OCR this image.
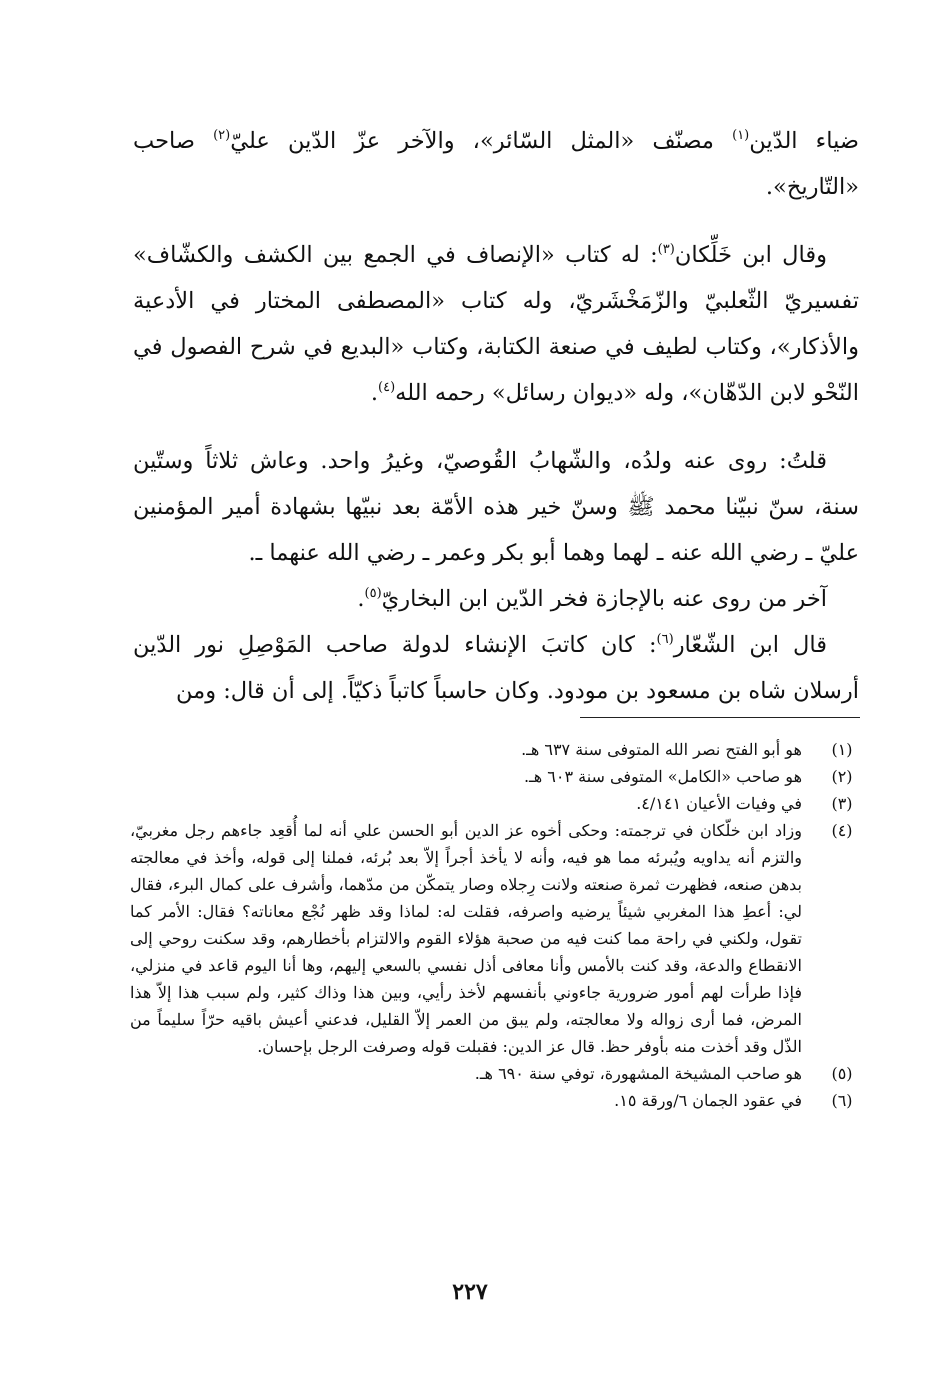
ضياء الدّين$^{(١)}$ مصنّف «المثل السّائر»، والآخر عزّ الدّين عليّ$^{(٢)}$ صاحب «التّاريخ».

وقال ابن خَلِّكان$^{(٣)}$: له كتاب «الإنصاف في الجمع بين الكشف والكشّاف» تفسيريّ الثّعلبيّ والزّمَخْشَريّ، وله كتاب «المصطفى المختار في الأدعية والأذكار»، وكتاب لطيف في صنعة الكتابة، وكتاب «البديع في شرح الفصول في النّحْو لابن الدّهّان»، وله «ديوان رسائل» رحمه الله$^{(٤)}$.

قلتُ: روى عنه ولدُه، والشّهابُ القُوصيّ، وغيرُ واحد. وعاش ثلاثاً وستّين سنة، سنّ نبيّنا محمد ﷺ وسنّ خير هذه الأمّة بعد نبيّها بشهادة أمير المؤمنين عليّ ـ رضي الله عنه ـ لهما وهما أبو بكر وعمر ـ رضي الله عنهما ـ.

آخر من روى عنه بالإجازة فخر الدّين ابن البخاريّ$^{(٥)}$.

قال ابن الشّعّار$^{(٦)}$: كان كاتبَ الإنشاء لدولة صاحب المَوْصِلِ نور الدّين أرسلان شاه بن مسعود بن مودود. وكان حاسباً كاتباً ذكيّاً. إلى أن قال: ومن

(١)
هو أبو الفتح نصر الله المتوفى سنة ٦٣٧ هـ.
(٢)
هو صاحب «الكامل» المتوفى سنة ٦٠٣ هـ.
(٣)
في وفيات الأعيان ٤/١٤١.
(٤)
وزاد ابن خلّكان في ترجمته: وحكى أخوه عز الدين أبو الحسن علي أنه لما أُقعِد جاءهم رجل مغربيّ، والتزم أنه يداويه ويُبرئه مما هو فيه، وأنه لا يأخذ أجراً إلاّ بعد بُرئه، فملنا إلى قوله، وأخذ في معالجته بدهن صنعه، فظهرت ثمرة صنعته ولانت رِجلاه وصار يتمكّن من مدّهما، وأشرف على كمال البرء، فقال لي: أعطِ هذا المغربي شيئاً يرضيه واصرفه، فقلت له: لماذا وقد ظهر نُجْع معاناته؟ فقال: الأمر كما تقول، ولكني في راحة مما كنت فيه من صحبة هؤلاء القوم والالتزام بأخطارهم، وقد سكنت روحي إلى الانقطاع والدعة، وقد كنت بالأمس وأنا معافى أذل نفسي بالسعي إليهم، وها أنا اليوم قاعد في منزلي، فإذا طرأت لهم أمور ضرورية جاءوني بأنفسهم لأخذ رأيي، وبين هذا وذاك كثير، ولم سبب هذا إلاّ هذا المرض، فما أرى زواله ولا معالجته، ولم يبق من العمر إلاّ القليل، فدعني أعيش باقيه حرّاً سليماً من الذّل وقد أخذت منه بأوفر حظ. قال عز الدين: فقبلت قوله وصرفت الرجل بإحسان.
(٥)
هو صاحب المشيخة المشهورة، توفي سنة ٦٩٠ هـ.
(٦)
في عقود الجمان ٦/ورقة ١٥.
٢٢٧
